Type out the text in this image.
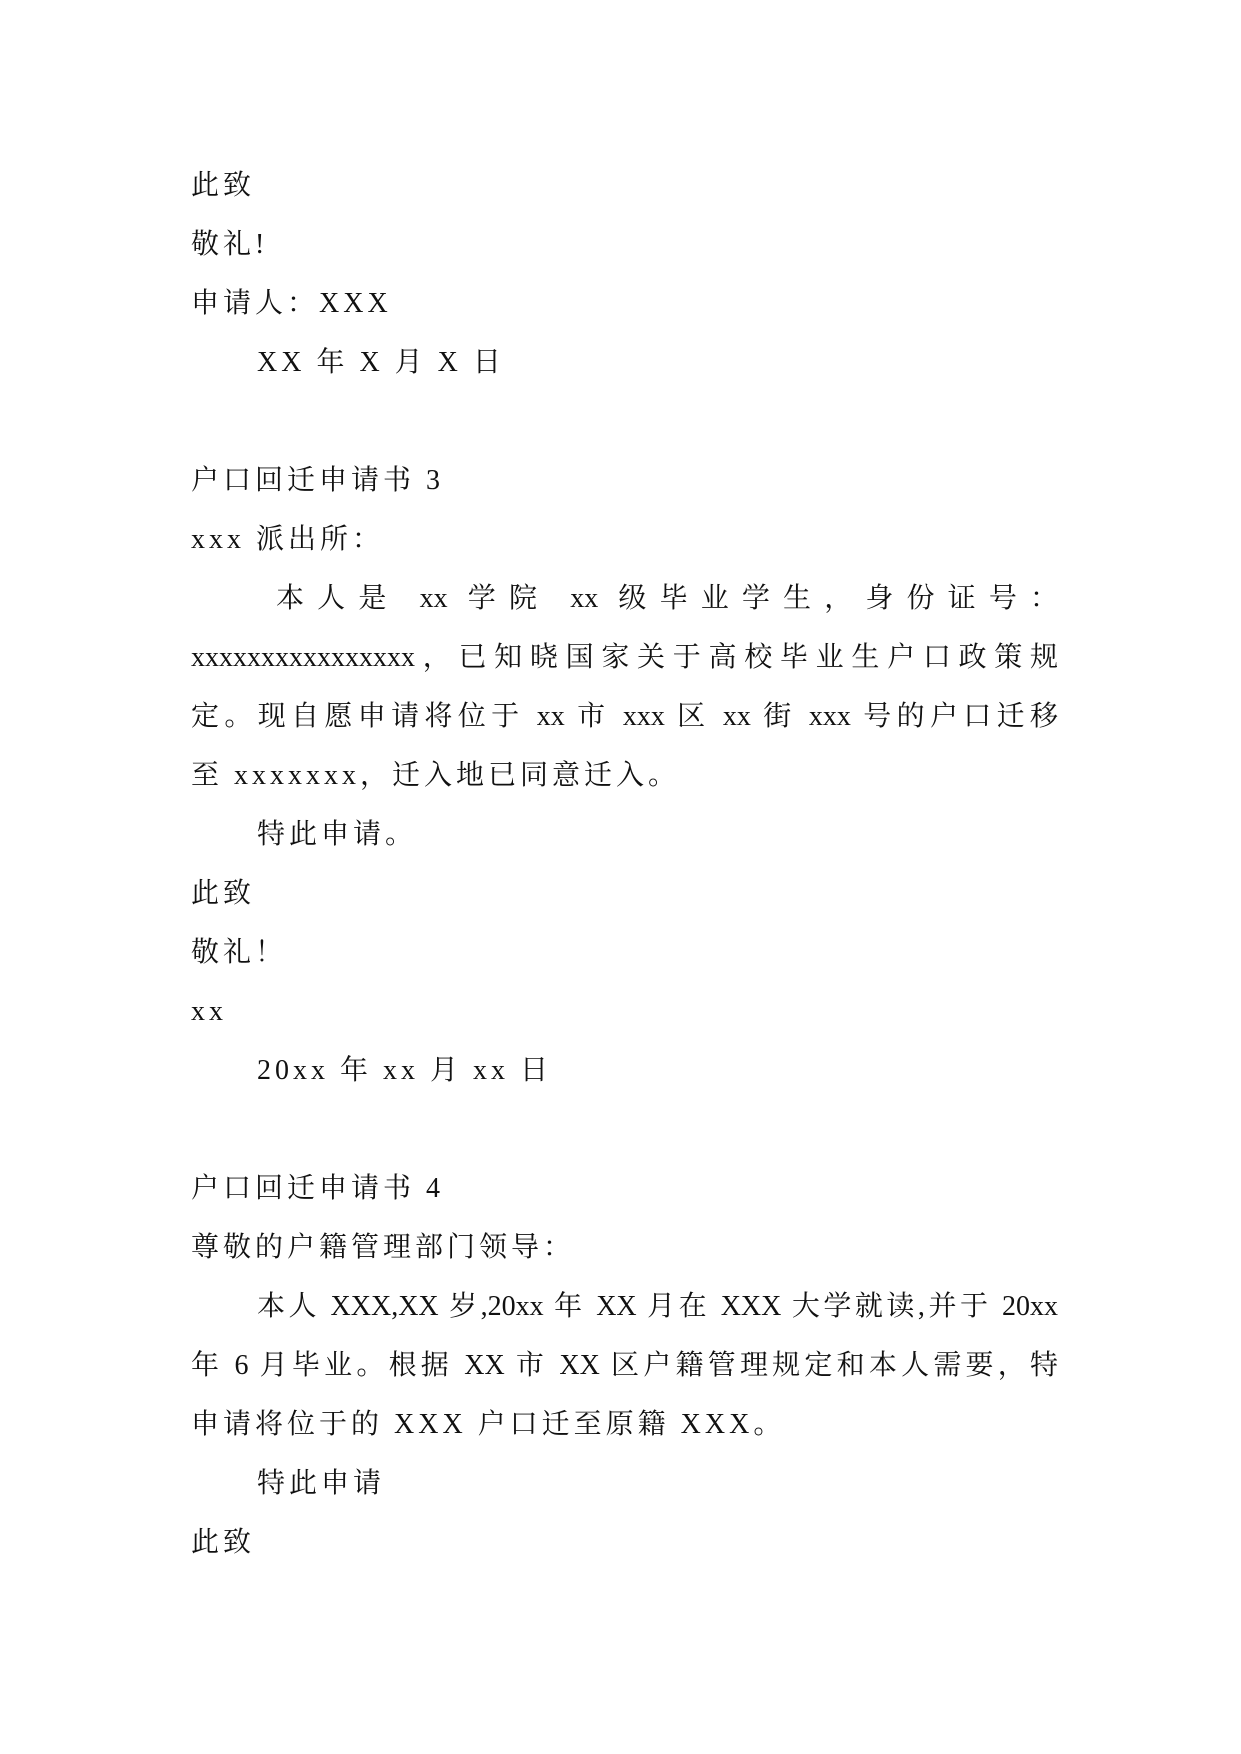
此致
敬礼!
申请人：XXX
XX 年 X 月 X 日
户口回迁申请书 3
xxx 派出所：
本人是 xx 学院 xx 级毕业学生，身份证号：
xxxxxxxxxxxxxxxx，已知晓国家关于高校毕业生户口政策规
定。现自愿申请将位于 xx 市 xxx 区 xx 街 xxx 号的户口迁移
至 xxxxxxx，迁入地已同意迁入。
特此申请。
此致
敬礼！
xx
20xx 年 xx 月 xx 日
户口回迁申请书 4
尊敬的户籍管理部门领导：
本人 XXX,XX 岁,20xx 年 XX 月在 XXX 大学就读,并于 20xx
年 6 月毕业。根据 XX 市 XX 区户籍管理规定和本人需要，特
申请将位于的 XXX 户口迁至原籍 XXX。
特此申请
此致
